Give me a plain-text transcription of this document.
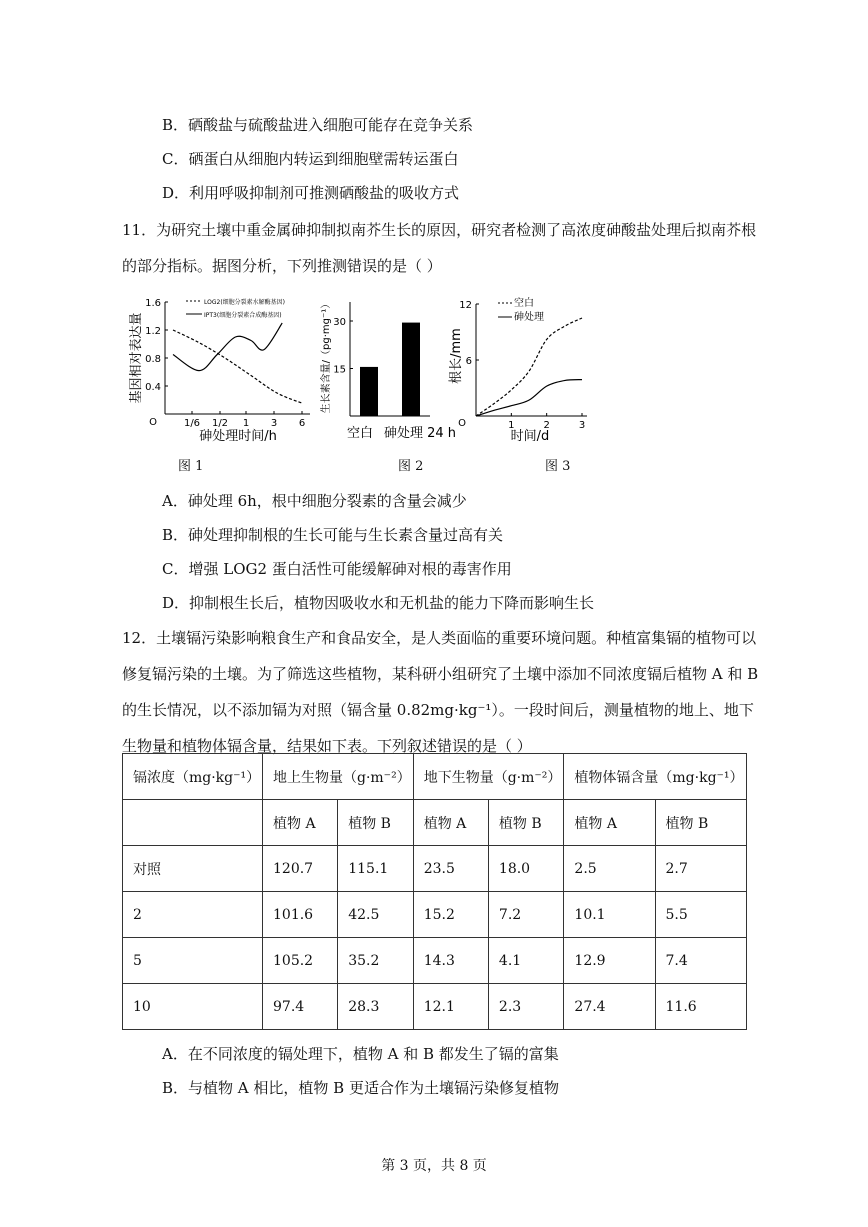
B．硒酸盐与硫酸盐进入细胞可能存在竞争关系
C．硒蛋白从细胞内转运到细胞壁需转运蛋白
D．利用呼吸抑制剂可推测硒酸盐的吸收方式
11．为研究土壤中重金属砷抑制拟南芥生长的原因，研究者检测了高浓度砷酸盐处理后拟南芥根的部分指标。据图分析，下列推测错误的是（ ）
1/6 1/2 1 3 6
0.4
0.8
1.2
1.6
O
砷处理时间/h
基因相对表达量
LOG2(细胞分裂素水解酶基因)
IPT3(细胞分裂素合成酶基因)
图 1
15
30
生长素含量/（pg·mg⁻¹）
空白 砷处理 24 h
图 2
1	2	3
6
12
O
时间/d
根长/mm
空白
砷处理
图 3
A．砷处理 6h，根中细胞分裂素的含量会减少
B．砷处理抑制根的生长可能与生长素含量过高有关
C．增强 LOG2 蛋白活性可能缓解砷对根的毒害作用
D．抑制根生长后，植物因吸收水和无机盐的能力下降而影响生长
12．土壤镉污染影响粮食生产和食品安全，是人类面临的重要环境问题。种植富集镉的植物可以修复镉污染的土壤。为了筛选这些植物，某科研小组研究了土壤中添加不同浓度镉后植物 A 和 B 的生长情况，以不添加镉为对照（镉含量 0.82mg·kg⁻¹）。一段时间后，测量植物的地上、地下生物量和植物体镉含量，结果如下表。下列叙述错误的是（ ）
镉浓度（mg·kg⁻¹）	地上生物量（g·m⁻²）		地下生物量（g·m⁻²）		植物体镉含量（mg·kg⁻¹）	
	植物 A	植物 B	植物 A	植物 B	植物 A	植物 B
对照	120.7	115.1	23.5	18.0	2.5	2.7
2	101.6	42.5	15.2	7.2	10.1	5.5
5	105.2	35.2	14.3	4.1	12.9	7.4
10	97.4	28.3	12.1	2.3	27.4	11.6
A．在不同浓度的镉处理下，植物 A 和 B 都发生了镉的富集
B．与植物 A 相比，植物 B 更适合作为土壤镉污染修复植物
第 3 页，共 8 页
